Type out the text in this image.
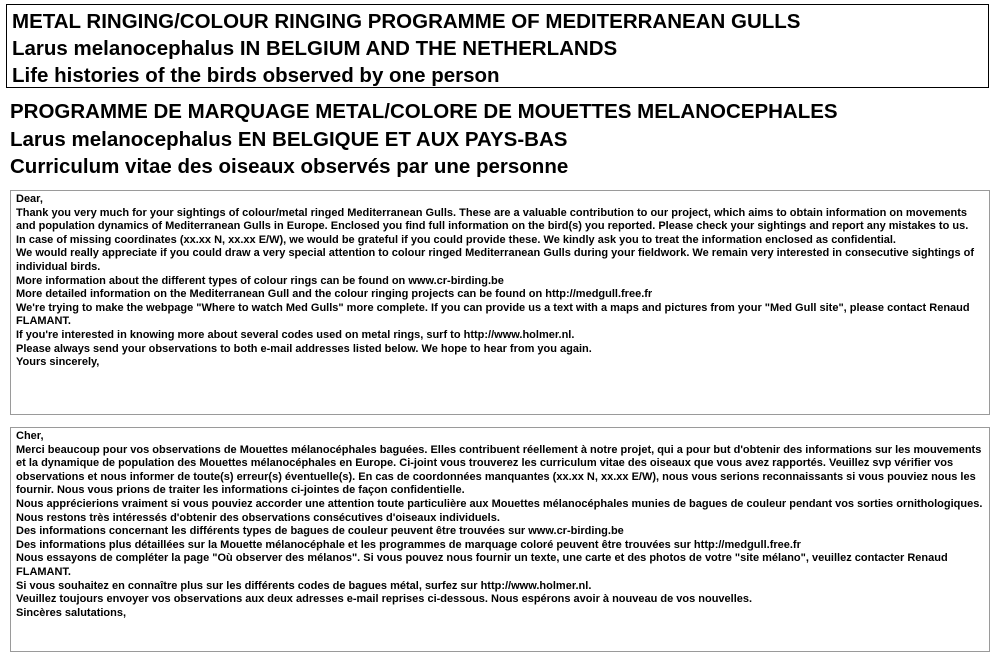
METAL RINGING/COLOUR RINGING PROGRAMME OF MEDITERRANEAN GULLS
Larus melanocephalus IN BELGIUM AND THE NETHERLANDS
Life histories of the birds observed by one person
PROGRAMME DE MARQUAGE METAL/COLORE DE MOUETTES MELANOCEPHALES
Larus melanocephalus EN BELGIQUE ET AUX PAYS-BAS
Curriculum vitae des oiseaux observés par une personne

Dear,

Thank you very much for your sightings of colour/metal ringed Mediterranean Gulls. These are a valuable contribution to our project, which aims to obtain information on movements and population dynamics of Mediterranean Gulls in Europe. Enclosed you find full information on the bird(s) you reported. Please check your sightings and report any mistakes to us.

In case of missing coordinates (xx.xx N, xx.xx E/W), we would be grateful if you could provide these. We kindly ask you to treat the information enclosed as confidential.

We would really appreciate if you could draw a very special attention to colour ringed Mediterranean Gulls during your fieldwork. We remain very interested in consecutive sightings of individual birds.

More information about the different types of colour rings can be found on www.cr-birding.be

More detailed information on the Mediterranean Gull and the colour ringing projects can be found on http://medgull.free.fr

We're trying to make the webpage "Where to watch Med Gulls" more complete. If you can provide us a text with a maps and pictures from your "Med Gull site", please contact Renaud FLAMANT.

If you're interested in knowing more about several codes used on metal rings, surf to http://www.holmer.nl.

Please always send your observations to both e-mail addresses listed below. We hope to hear from you again.

Yours sincerely,

Cher,

Merci beaucoup pour vos observations de Mouettes mélanocéphales baguées. Elles contribuent réellement à notre projet, qui a pour but d'obtenir des informations sur les mouvements et la dynamique de population des Mouettes mélanocéphales en Europe. Ci-joint vous trouverez les curriculum vitae des oiseaux que vous avez rapportés. Veuillez svp vérifier vos observations et nous informer de toute(s) erreur(s) éventuelle(s). En cas de coordonnées manquantes (xx.xx N, xx.xx E/W), nous vous serions reconnaissants si vous pouviez nous les fournir. Nous vous prions de traiter les informations ci-jointes de façon confidentielle.

Nous apprécierions vraiment si vous pouviez accorder une attention toute particulière aux Mouettes mélanocéphales munies de bagues de couleur pendant vos sorties ornithologiques. Nous restons très intéressés d'obtenir des observations consécutives d'oiseaux individuels.

Des informations concernant les différents types de bagues de couleur peuvent être trouvées sur www.cr-birding.be

Des informations plus détaillées sur la Mouette mélanocéphale et les programmes de marquage coloré peuvent être trouvées sur http://medgull.free.fr

Nous essayons de compléter la page "Où observer des mélanos". Si vous pouvez nous fournir un texte, une carte et des photos de votre "site mélano", veuillez contacter Renaud FLAMANT.

Si vous souhaitez en connaître plus sur les différents codes de bagues métal, surfez sur http://www.holmer.nl.

Veuillez toujours envoyer vos observations aux deux adresses e-mail reprises ci-dessous. Nous espérons avoir à nouveau de vos nouvelles.

Sincères salutations,
